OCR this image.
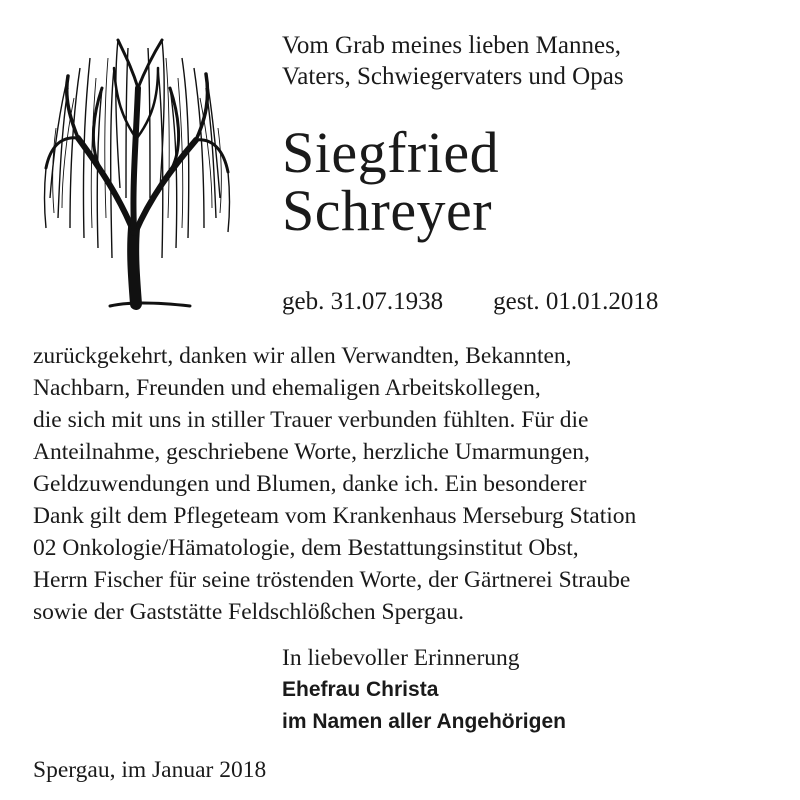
Vom Grab meines lieben Mannes,
Vaters, Schwiegervaters und Opas
Siegfried
Schreyer
geb. 31.07.1938 gest. 01.01.2018
zurückgekehrt, danken wir allen Verwandten, Bekannten,
Nachbarn, Freunden und ehemaligen Arbeitskollegen,
die sich mit uns in stiller Trauer verbunden fühlten. Für die
Anteilnahme, geschriebene Worte, herzliche Umarmungen,
Geldzuwendungen und Blumen, danke ich. Ein besonderer
Dank gilt dem Pflegeteam vom Krankenhaus Merseburg Station
02 Onkologie/Hämatologie, dem Bestattungsinstitut Obst,
Herrn Fischer für seine tröstenden Worte, der Gärtnerei Straube
sowie der Gaststätte Feldschlößchen Spergau.
In liebevoller Erinnerung
Ehefrau Christa
im Namen aller Angehörigen
Spergau, im Januar 2018
